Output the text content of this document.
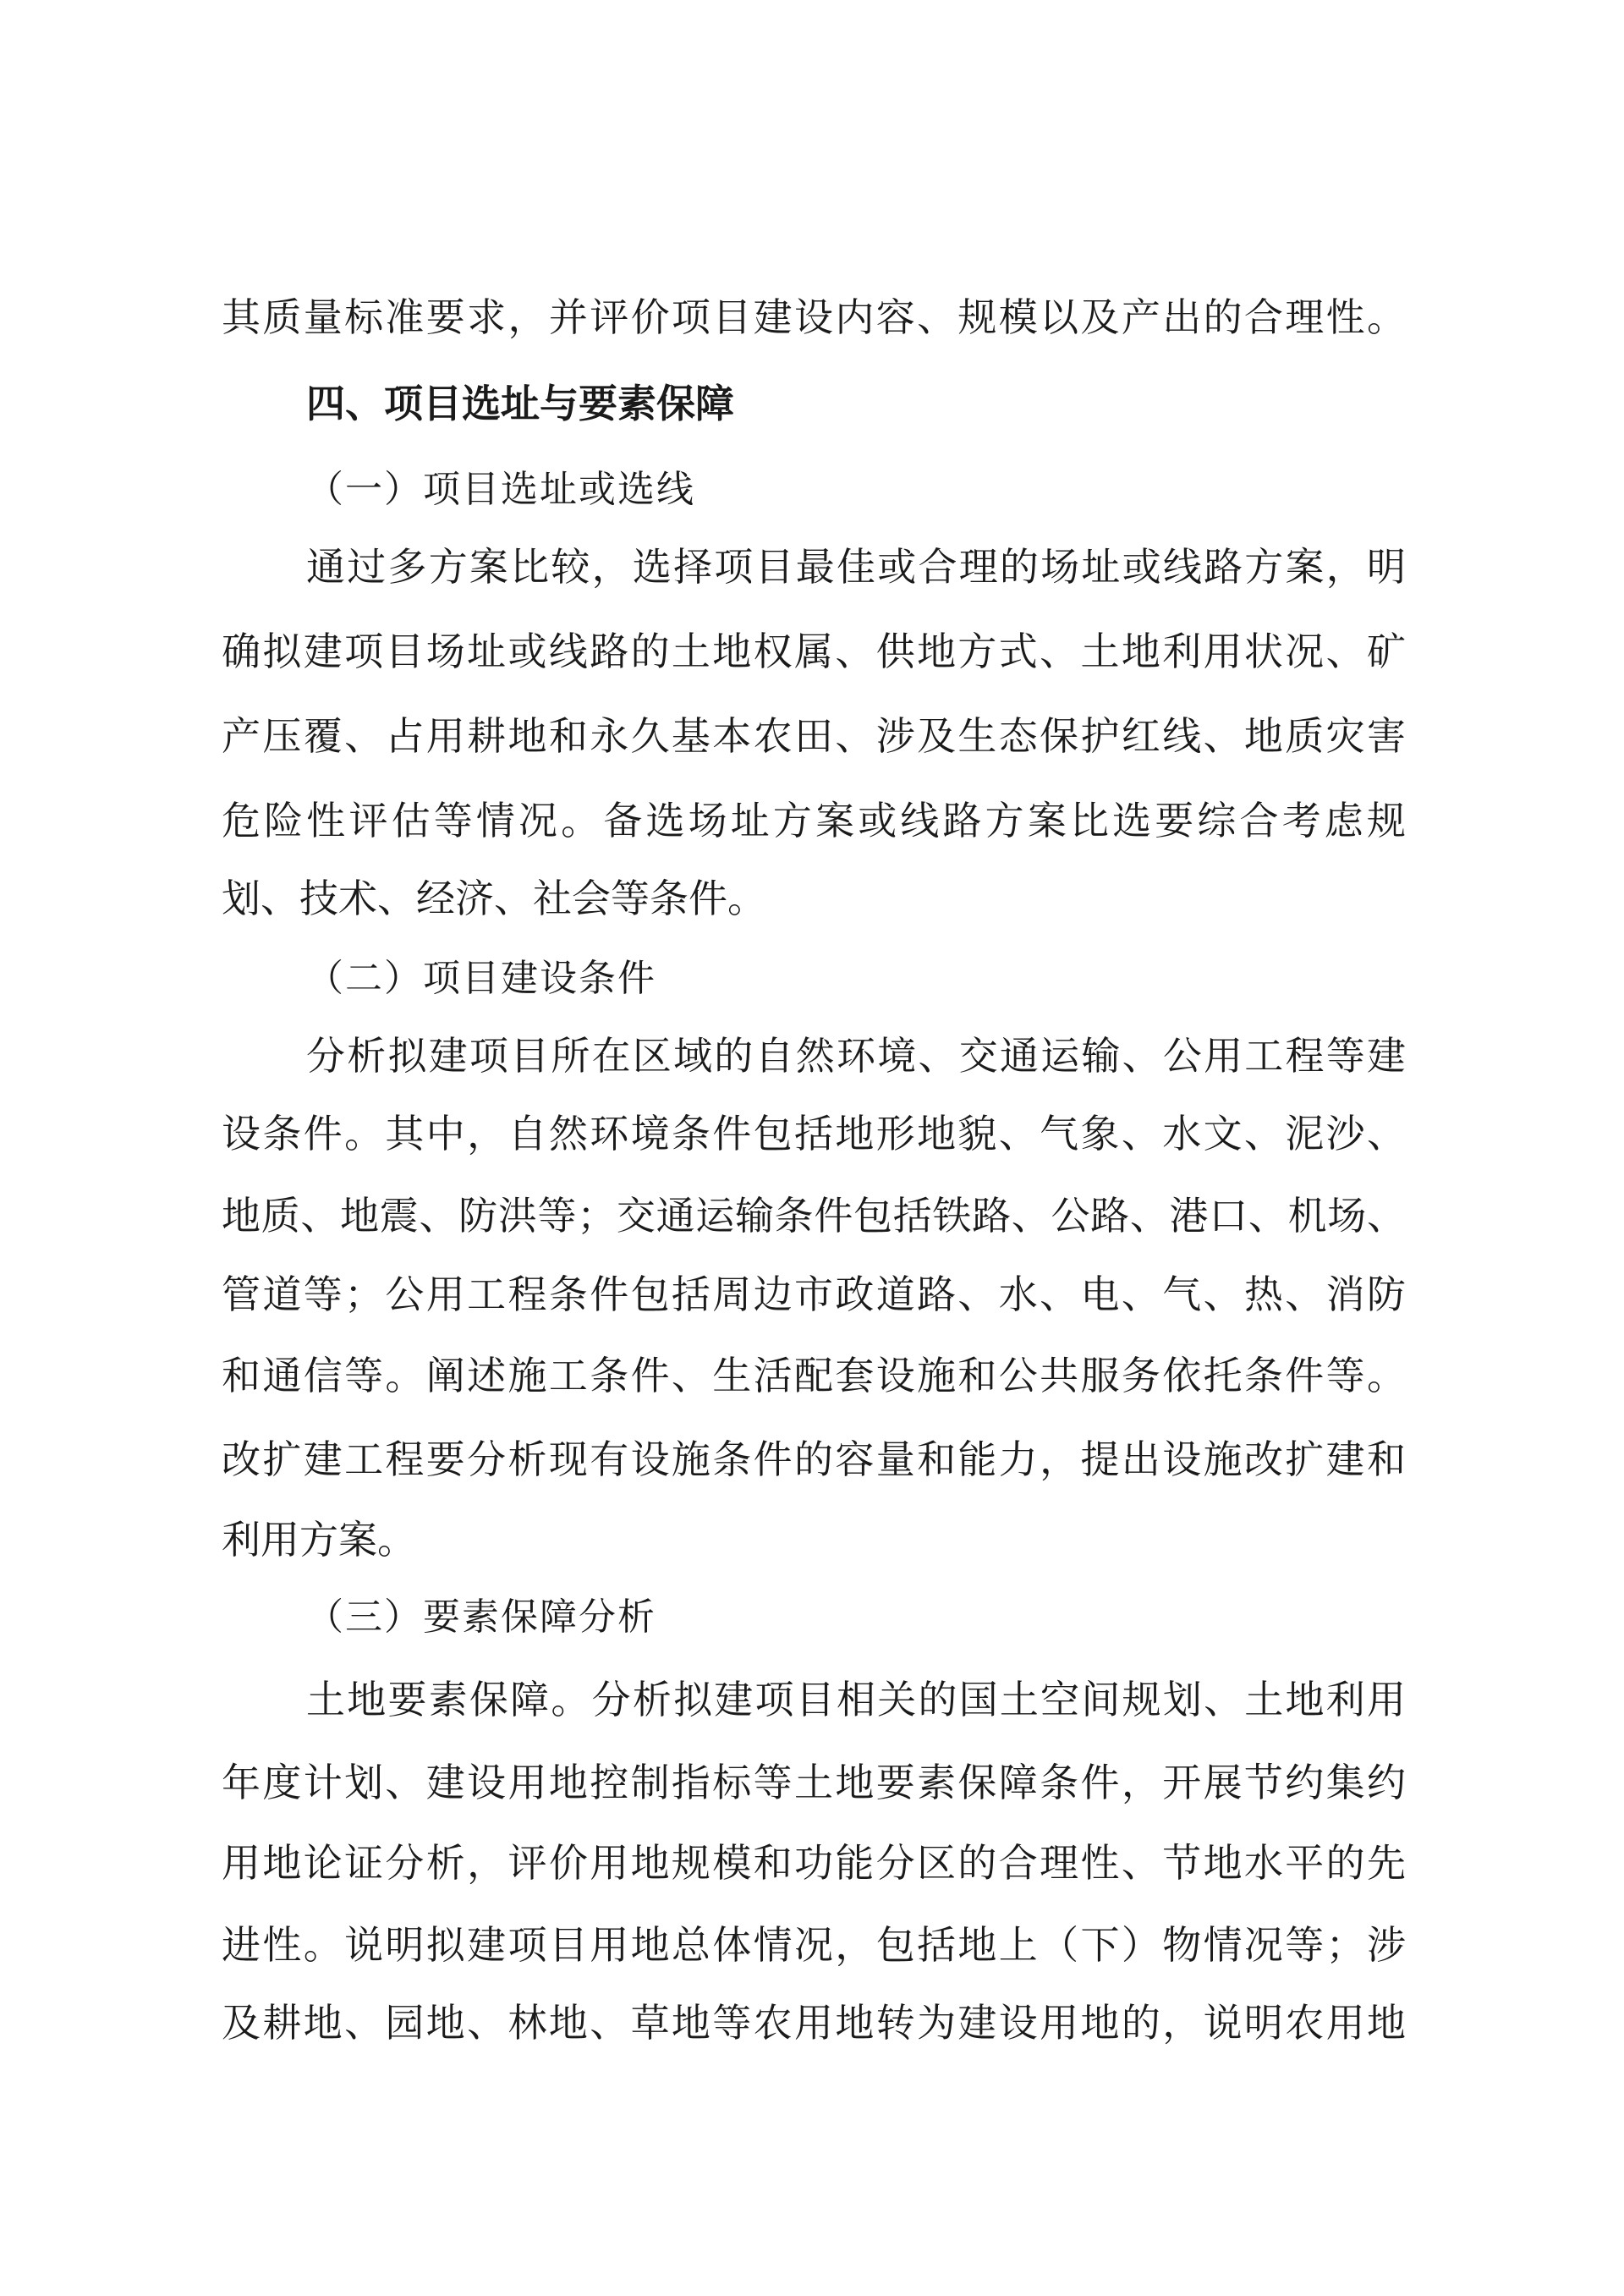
其质量标准要求，并评价项目建设内容、规模以及产出的合理性。
四、项目选址与要素保障
（一）项目选址或选线
通过多方案比较，选择项目最佳或合理的场址或线路方案，明
确拟建项目场址或线路的土地权属、供地方式、土地利用状况、矿
产压覆、占用耕地和永久基本农田、涉及生态保护红线、地质灾害
危险性评估等情况。备选场址方案或线路方案比选要综合考虑规
划、技术、经济、社会等条件。
（二）项目建设条件
分析拟建项目所在区域的自然环境、交通运输、公用工程等建
设条件。其中，自然环境条件包括地形地貌、气象、水文、泥沙、
地质、地震、防洪等；交通运输条件包括铁路、公路、港口、机场、
管道等；公用工程条件包括周边市政道路、水、电、气、热、消防
和通信等。阐述施工条件、生活配套设施和公共服务依托条件等。
改扩建工程要分析现有设施条件的容量和能力，提出设施改扩建和
利用方案。
（三）要素保障分析
土地要素保障。分析拟建项目相关的国土空间规划、土地利用
年度计划、建设用地控制指标等土地要素保障条件，开展节约集约
用地论证分析，评价用地规模和功能分区的合理性、节地水平的先
进性。说明拟建项目用地总体情况，包括地上（下）物情况等；涉
及耕地、园地、林地、草地等农用地转为建设用地的，说明农用地
